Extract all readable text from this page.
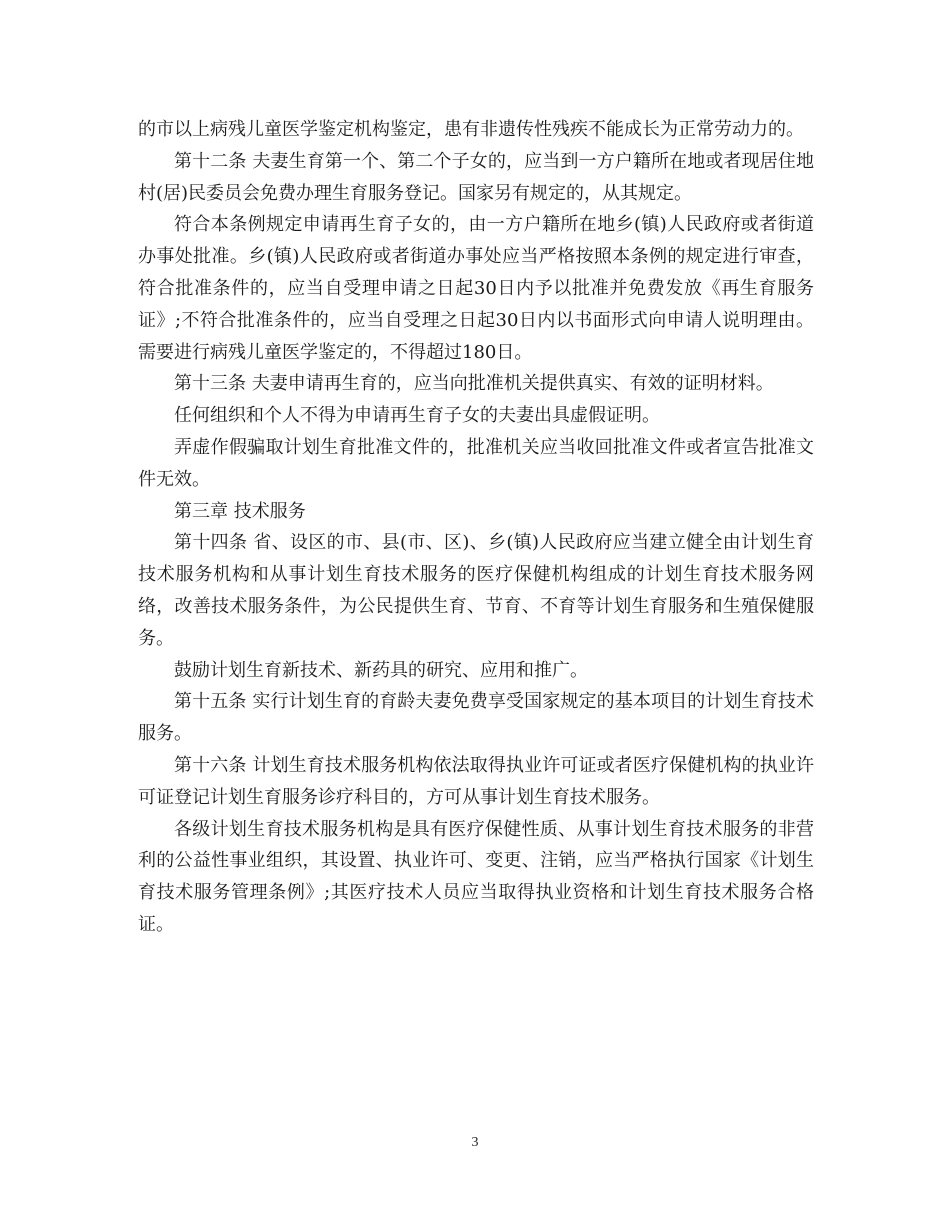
的市以上病残儿童医学鉴定机构鉴定，患有非遗传性残疾不能成长为正常劳动力的。

第十二条 夫妻生育第一个、第二个子女的，应当到一方户籍所在地或者现居住地村(居)民委员会免费办理生育服务登记。国家另有规定的，从其规定。

符合本条例规定申请再生育子女的，由一方户籍所在地乡(镇)人民政府或者街道办事处批准。乡(镇)人民政府或者街道办事处应当严格按照本条例的规定进行审查，符合批准条件的，应当自受理申请之日起30日内予以批准并免费发放《再生育服务证》;不符合批准条件的，应当自受理之日起30日内以书面形式向申请人说明理由。需要进行病残儿童医学鉴定的，不得超过180日。

第十三条 夫妻申请再生育的，应当向批准机关提供真实、有效的证明材料。

任何组织和个人不得为申请再生育子女的夫妻出具虚假证明。

弄虚作假骗取计划生育批准文件的，批准机关应当收回批准文件或者宣告批准文件无效。

第三章 技术服务

第十四条 省、设区的市、县(市、区)、乡(镇)人民政府应当建立健全由计划生育技术服务机构和从事计划生育技术服务的医疗保健机构组成的计划生育技术服务网络，改善技术服务条件，为公民提供生育、节育、不育等计划生育服务和生殖保健服务。

鼓励计划生育新技术、新药具的研究、应用和推广。

第十五条 实行计划生育的育龄夫妻免费享受国家规定的基本项目的计划生育技术服务。

第十六条 计划生育技术服务机构依法取得执业许可证或者医疗保健机构的执业许可证登记计划生育服务诊疗科目的，方可从事计划生育技术服务。

各级计划生育技术服务机构是具有医疗保健性质、从事计划生育技术服务的非营利的公益性事业组织，其设置、执业许可、变更、注销，应当严格执行国家《计划生育技术服务管理条例》;其医疗技术人员应当取得执业资格和计划生育技术服务合格证。

3
